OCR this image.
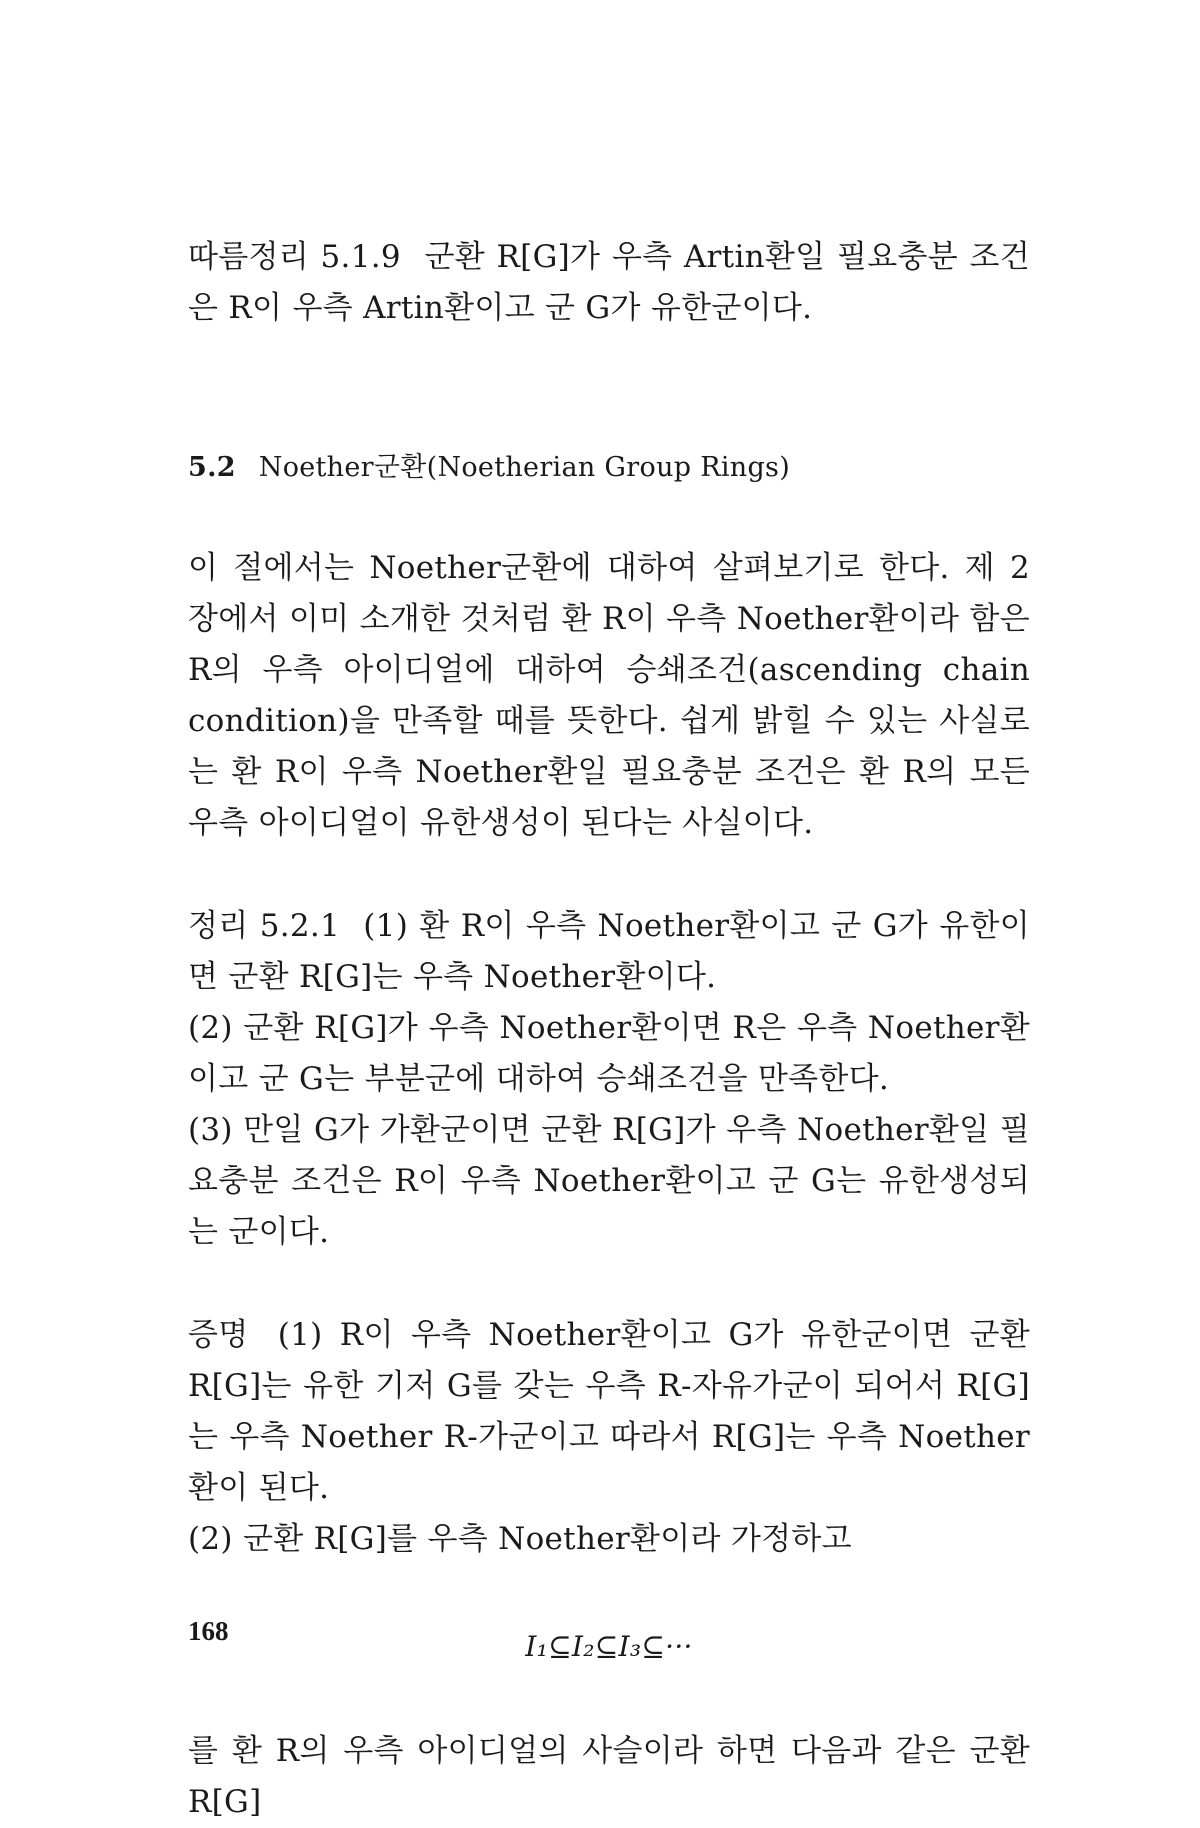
따름정리 5.1.9 군환 R[G]가 우측 Artin환일 필요충분 조건은 R이 우측 Artin환이고 군 G가 유한군이다.

5.2 Noether군환(Noetherian Group Rings)

이 절에서는 Noether군환에 대하여 살펴보기로 한다. 제 2 장에서 이미 소개한 것처럼 환 R이 우측 Noether환이라 함은 R의 우측 아이디얼에 대하여 승쇄조건(ascending chain condition)을 만족할 때를 뜻한다. 쉽게 밝힐 수 있는 사실로는 환 R이 우측 Noether환일 필요충분 조건은 환 R의 모든 우측 아이디얼이 유한생성이 된다는 사실이다.

정리 5.2.1 (1) 환 R이 우측 Noether환이고 군 G가 유한이면 군환 R[G]는 우측 Noether환이다.

(2) 군환 R[G]가 우측 Noether환이면 R은 우측 Noether환이고 군 G는 부분군에 대하여 승쇄조건을 만족한다.

(3) 만일 G가 가환군이면 군환 R[G]가 우측 Noether환일 필요충분 조건은 R이 우측 Noether환이고 군 G는 유한생성되는 군이다.

증명 (1) R이 우측 Noether환이고 G가 유한군이면 군환 R[G]는 유한 기저 G를 갖는 우측 R-자유가군이 되어서 R[G]는 우측 Noether R-가군이고 따라서 R[G]는 우측 Noether환이 된다.

(2) 군환 R[G]를 우측 Noether환이라 가정하고

I₁⊆I₂⊆I₃⊆···

를 환 R의 우측 아이디얼의 사슬이라 하면 다음과 같은 군환 R[G]

168
